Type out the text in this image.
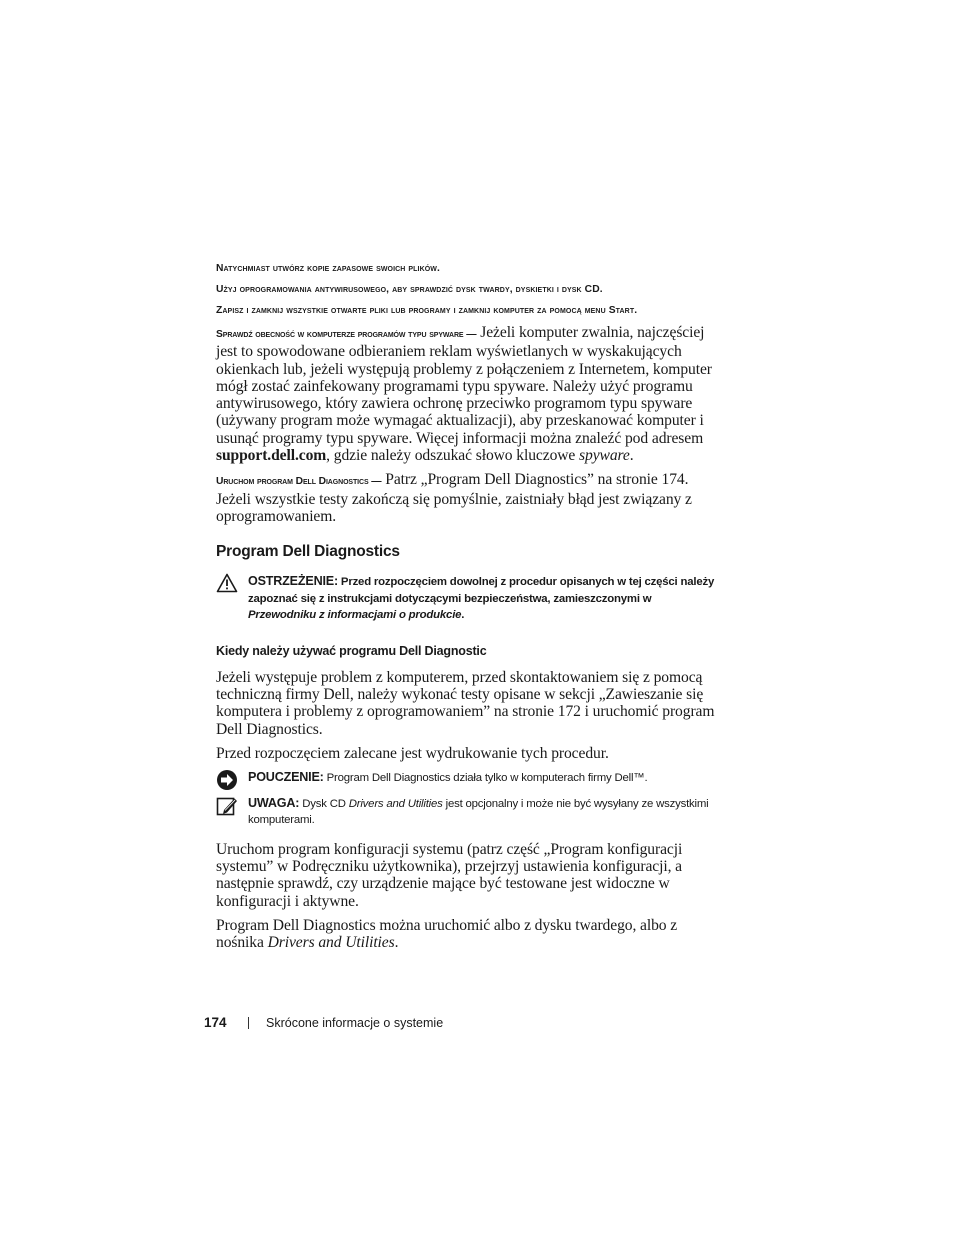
Natychmiast utwórz kopie zapasowe swoich plików.

Użyj oprogramowania antywirusowego, aby sprawdzić dysk twardy, dyskietki i dysk CD.

Zapisz i zamknij wszystkie otwarte pliki lub programy i zamknij komputer za pomocą menu Start.

Sprawdź obecność w komputerze programów typu spyware — Jeżeli komputer zwalnia, najczęściej jest to spowodowane odbieraniem reklam wyświetlanych w wyskakujących okienkach lub, jeżeli występują problemy z połączeniem z Internetem, komputer mógł zostać zainfekowany programami typu spyware. Należy użyć programu antywirusowego, który zawiera ochronę przeciwko programom typu spyware (używany program może wymagać aktualizacji), aby przeskanować komputer i usunąć programy typu spyware. Więcej informacji można znaleźć pod adresem support.dell.com, gdzie należy odszukać słowo kluczowe spyware.

Uruchom program Dell Diagnostics — Patrz „Program Dell Diagnostics” na stronie 174. Jeżeli wszystkie testy zakończą się pomyślnie, zaistniały błąd jest związany z oprogramowaniem.

Program Dell Diagnostics
OSTRZEŻENIE: Przed rozpoczęciem dowolnej z procedur opisanych w tej części należy zapoznać się z instrukcjami dotyczącymi bezpieczeństwa, zamieszczonymi w Przewodniku z informacjami o produkcie.
Kiedy należy używać programu Dell Diagnostic

Jeżeli występuje problem z komputerem, przed skontaktowaniem się z pomocą techniczną firmy Dell, należy wykonać testy opisane w sekcji „Zawieszanie się komputera i problemy z oprogramowaniem” na stronie 172 i uruchomić program Dell Diagnostics.

Przed rozpoczęciem zalecane jest wydrukowanie tych procedur.

POUCZENIE: Program Dell Diagnostics działa tylko w komputerach firmy Dell™.
UWAGA: Dysk CD Drivers and Utilities jest opcjonalny i może nie być wysyłany ze wszystkimi komputerami.

Uruchom program konfiguracji systemu (patrz część „Program konfiguracji systemu” w Podręczniku użytkownika), przejrzyj ustawienia konfiguracji, a następnie sprawdź, czy urządzenie mające być testowane jest widoczne w konfiguracji i aktywne.

Program Dell Diagnostics można uruchomić albo z dysku twardego, albo z nośnika Drivers and Utilities.

174	Skrócone informacje o systemie
